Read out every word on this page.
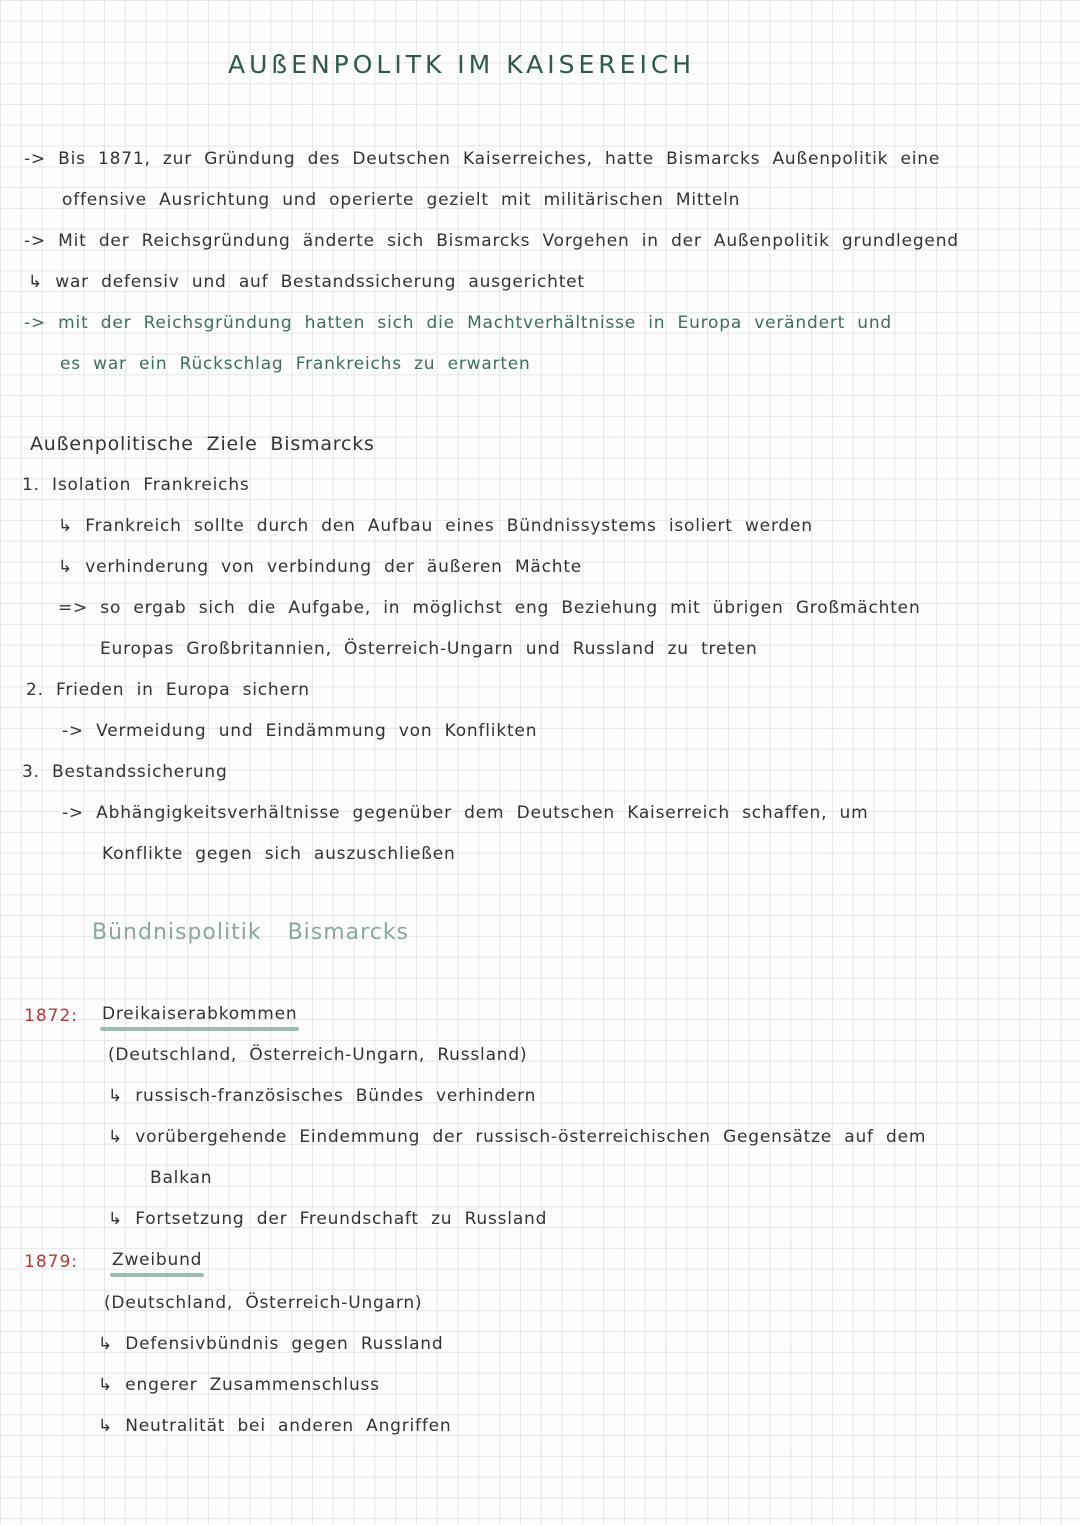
AUßENPOLITK IM KAISEREICH
-> Bis 1871, zur Gründung des Deutschen Kaiserreiches, hatte Bismarcks Außenpolitik eine
offensive Ausrichtung und operierte gezielt mit militärischen Mitteln
-> Mit der Reichsgründung änderte sich Bismarcks Vorgehen in der Außenpolitik grundlegend
↳ war defensiv und auf Bestandssicherung ausgerichtet
-> mit der Reichsgründung hatten sich die Machtverhältnisse in Europa verändert und
es war ein Rückschlag Frankreichs zu erwarten
Außenpolitische Ziele Bismarcks
1. Isolation Frankreichs
↳ Frankreich sollte durch den Aufbau eines Bündnissystems isoliert werden
↳ verhinderung von verbindung der äußeren Mächte
=> so ergab sich die Aufgabe, in möglichst eng Beziehung mit übrigen Großmächten
Europas Großbritannien, Österreich-Ungarn und Russland zu treten
2. Frieden in Europa sichern
-> Vermeidung und Eindämmung von Konflikten
3. Bestandssicherung
-> Abhängigkeitsverhältnisse gegenüber dem Deutschen Kaiserreich schaffen, um
Konflikte gegen sich auszuschließen
Bündnispolitik Bismarcks
1872: Dreikaiserabkommen
(Deutschland, Österreich-Ungarn, Russland)
↳ russisch-französisches Bündes verhindern
↳ vorübergehende Eindemmung der russisch-österreichischen Gegensätze auf dem
Balkan
↳ Fortsetzung der Freundschaft zu Russland
1879: Zweibund
(Deutschland, Österreich-Ungarn)
↳ Defensivbündnis gegen Russland
↳ engerer Zusammenschluss
↳ Neutralität bei anderen Angriffen
